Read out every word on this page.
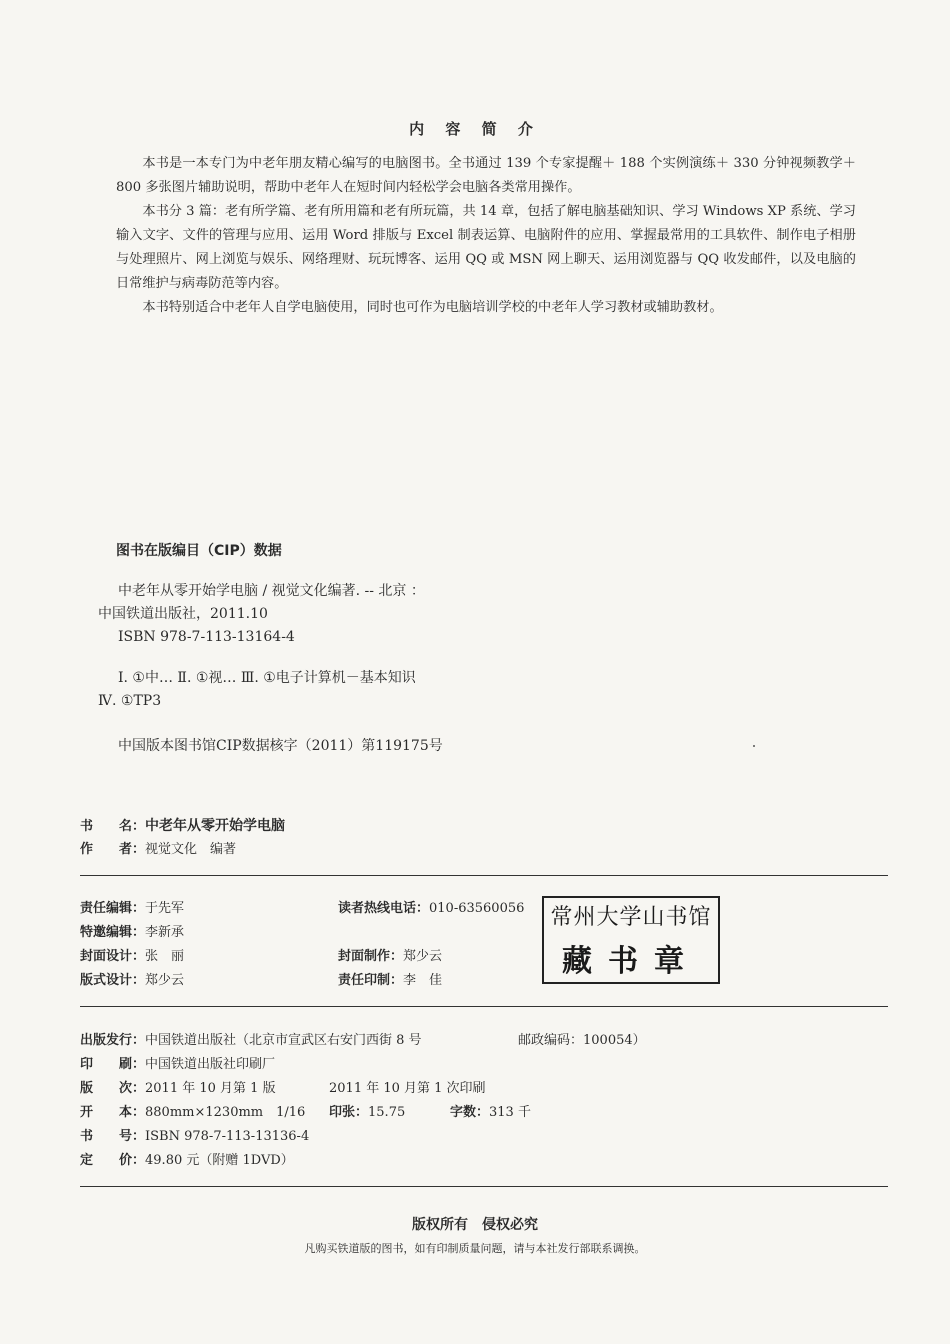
内 容 简 介

本书是一本专门为中老年朋友精心编写的电脑图书。全书通过 139 个专家提醒＋ 188 个实例演练＋ 330 分钟视频教学＋ 800 多张图片辅助说明，帮助中老年人在短时间内轻松学会电脑各类常用操作。

本书分 3 篇：老有所学篇、老有所用篇和老有所玩篇，共 14 章，包括了解电脑基础知识、学习 Windows XP 系统、学习输入文字、文件的管理与应用、运用 Word 排版与 Excel 制表运算、电脑附件的应用、掌握最常用的工具软件、制作电子相册与处理照片、网上浏览与娱乐、网络理财、玩玩博客、运用 QQ 或 MSN 网上聊天、运用浏览器与 QQ 收发邮件，以及电脑的日常维护与病毒防范等内容。

本书特别适合中老年人自学电脑使用，同时也可作为电脑培训学校的中老年人学习教材或辅助教材。

图书在版编目（CIP）数据
中老年从零开始学电脑 / 视觉文化编著. -- 北京 ：
中国铁道出版社，2011.10
ISBN 978-7-113-13164-4
Ⅰ. ①中… Ⅱ. ①视… Ⅲ. ①电子计算机－基本知识
Ⅳ. ①TP3
中国版本图书馆CIP数据核字（2011）第119175号
书　　名：中老年从零开始学电脑
作　　者：视觉文化　编著
责任编辑：于先军	读者热线电话：010-63560056
特邀编辑：李新承
封面设计：张　丽	封面制作：郑少云
版式设计：郑少云	责任印制：李　佳
常州大学山书馆
藏书章
出版发行：中国铁道出版社（北京市宣武区右安门西街 8 号	邮政编码：100054）
印　　刷：中国铁道出版社印刷厂
版　　次：2011 年 10 月第 1 版	2011 年 10 月第 1 次印刷
开　　本：880mm×1230mm　1/16 印张：15.75	字数：313 千
书　　号：ISBN 978-7-113-13136-4
定　　价：49.80 元（附赠 1DVD）
版权所有　侵权必究
凡购买铁道版的图书，如有印制质量问题，请与本社发行部联系调换。
